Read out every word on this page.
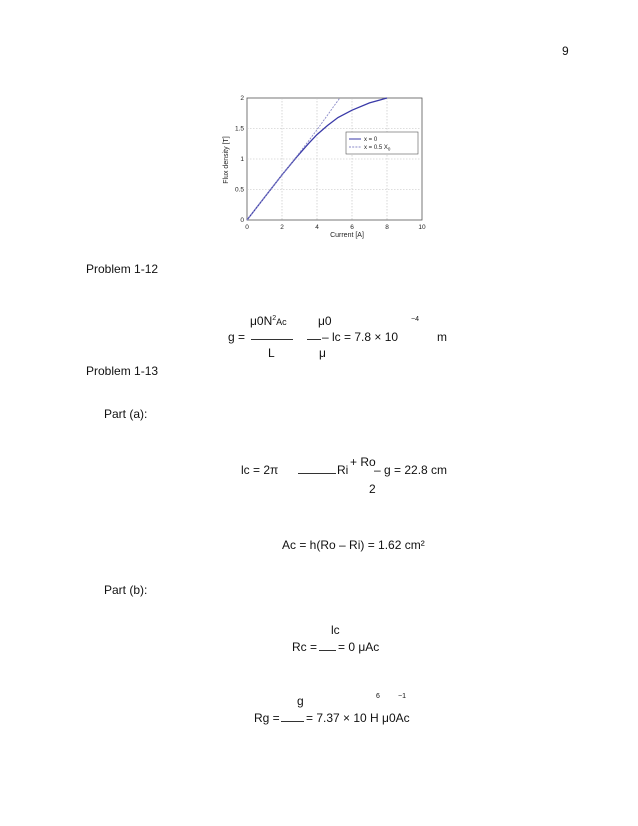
9
0	2	4	6	8	10
0
0.5
1
1.5
2
x = 0
x = 0.5 $X_0$
Current [A]
Flux density [T]
Problem 1-12
$\mu 0N^2Ac$	μ0	−4
g =	– lc = 7.8 × 10	m
L	μ
Problem 1-13
Part (a):
lc = 2π	Ri
+ Ro
– g = 22.8 cm
2
Ac = h(Ro – Ri) = 1.62 cm²
Part (b):
lc
Rc = = 0 μAc
g	6	−1
Rg = = 7.37 × 10 H μ0Ac
